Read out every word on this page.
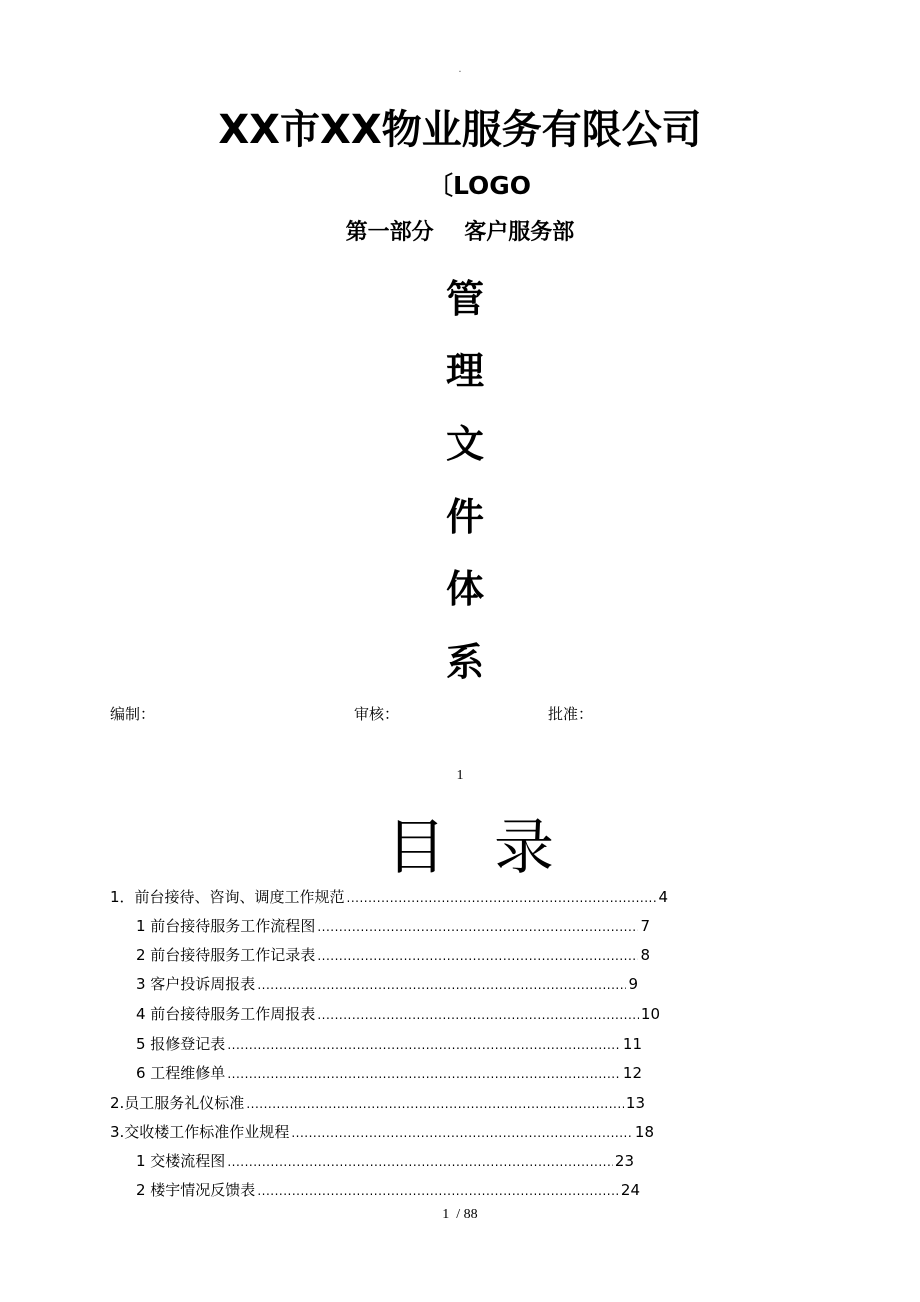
.
XX市XX物业服务有限公司
〔LOGO
第一部分    客户服务部
管
理
文
件
体
系
编制：	审核：	批准：
1
目 录
1．前台接待、咨询、调度工作规范 .....	4
1 前台接待服务工作流程图 .....	7
2 前台接待服务工作记录表 .....	8
3 客户投诉周报表 .....	9
4 前台接待服务工作周报表 .....	10
5 报修登记表 .....	11
6 工程维修单 .....	12
2.员工服务礼仪标准 .....	13
3.交收楼工作标准作业规程 .....	18
1 交楼流程图 .....	23
2 楼宇情况反馈表 .....	24
1  / 88
